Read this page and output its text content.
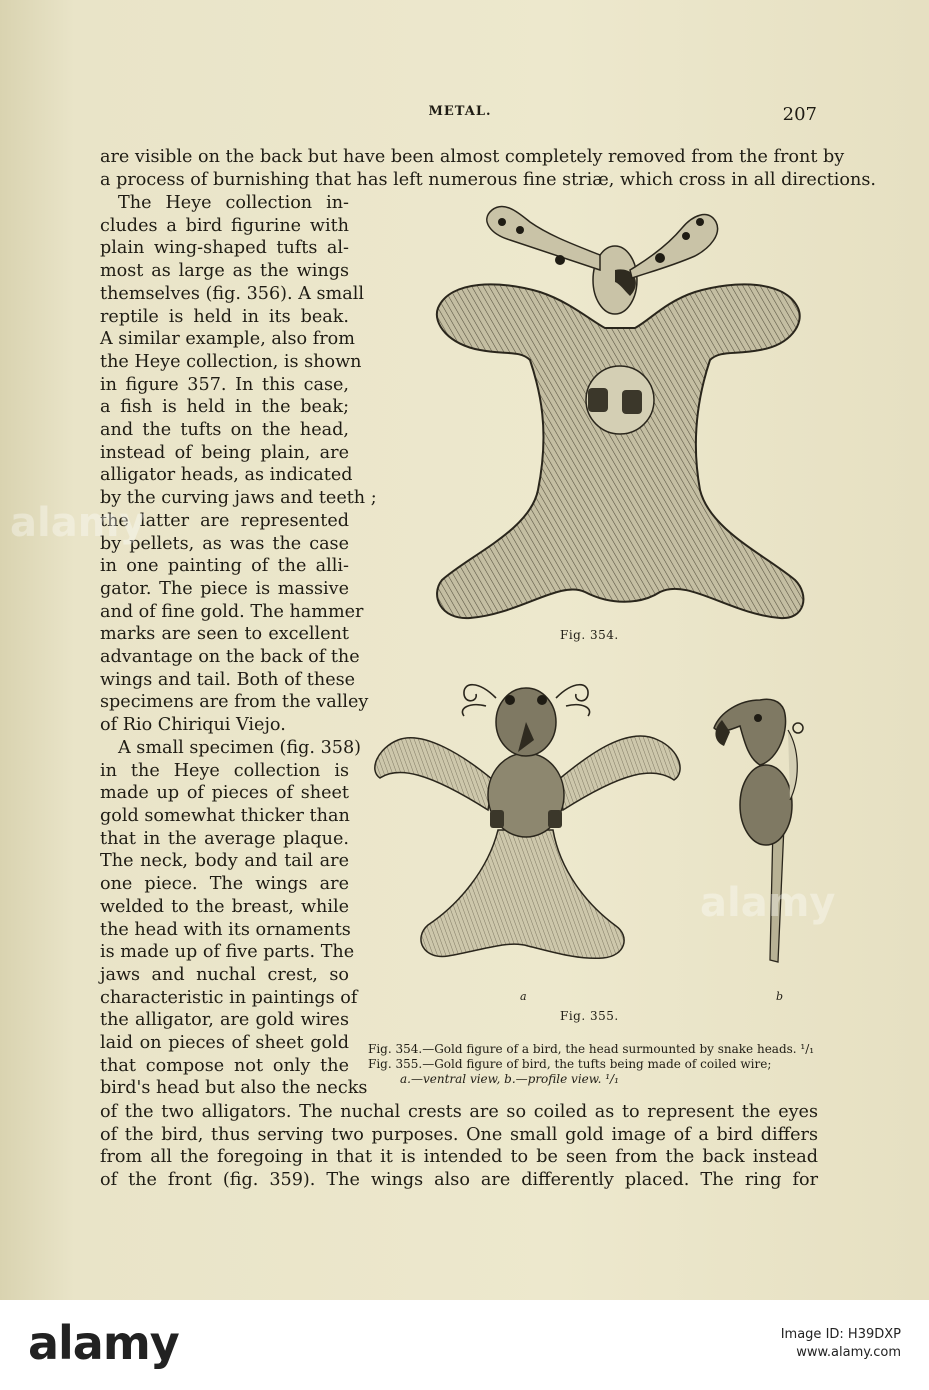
METAL.	207
are visible on the back but have been almost completely removed from the front by
a process of burnishing that has left numerous fine striæ, which cross in all directions.
The Heye collection in-
cludes a bird figurine with
plain wing-shaped tufts al-
most as large as the wings
themselves (fig. 356). A small
reptile is held in its beak.
A similar example, also from
the Heye collection, is shown
in figure 357. In this case,
a fish is held in the beak;
and the tufts on the head,
instead of being plain, are
alligator heads, as indicated
by the curving jaws and teeth ;
the latter are represented
by pellets, as was the case
in one painting of the alli-
gator. The piece is massive
and of fine gold. The hammer
marks are seen to excellent
advantage on the back of the
wings and tail. Both of these
specimens are from the valley
of Rio Chiriqui Viejo.
A small specimen (fig. 358)
in the Heye collection is
made up of pieces of sheet
gold somewhat thicker than
that in the average plaque.
The neck, body and tail are
one piece. The wings are
welded to the breast, while
the head with its ornaments
is made up of five parts. The
jaws and nuchal crest, so
characteristic in paintings of
the alligator, are gold wires
laid on pieces of sheet gold
that compose not only the
bird's head but also the necks
of the two alligators. The nuchal crests are so coiled as to represent the eyes
of the bird, thus serving two purposes. One small gold image of a bird differs
from all the foregoing in that it is intended to be seen from the back instead
of the front (fig. 359). The wings also are differently placed. The ring for
Fig. 354.
a	b
Fig. 355.
Fig. 354.—Gold figure of a bird, the head surmounted by snake heads. ¹/₁
Fig. 355.—Gold figure of bird, the tufts being made of coiled wire;
a.—ventral view, b.—profile view. ¹/₁
alamy
alamy
alamy	Image ID: H39DXP
www.alamy.com
